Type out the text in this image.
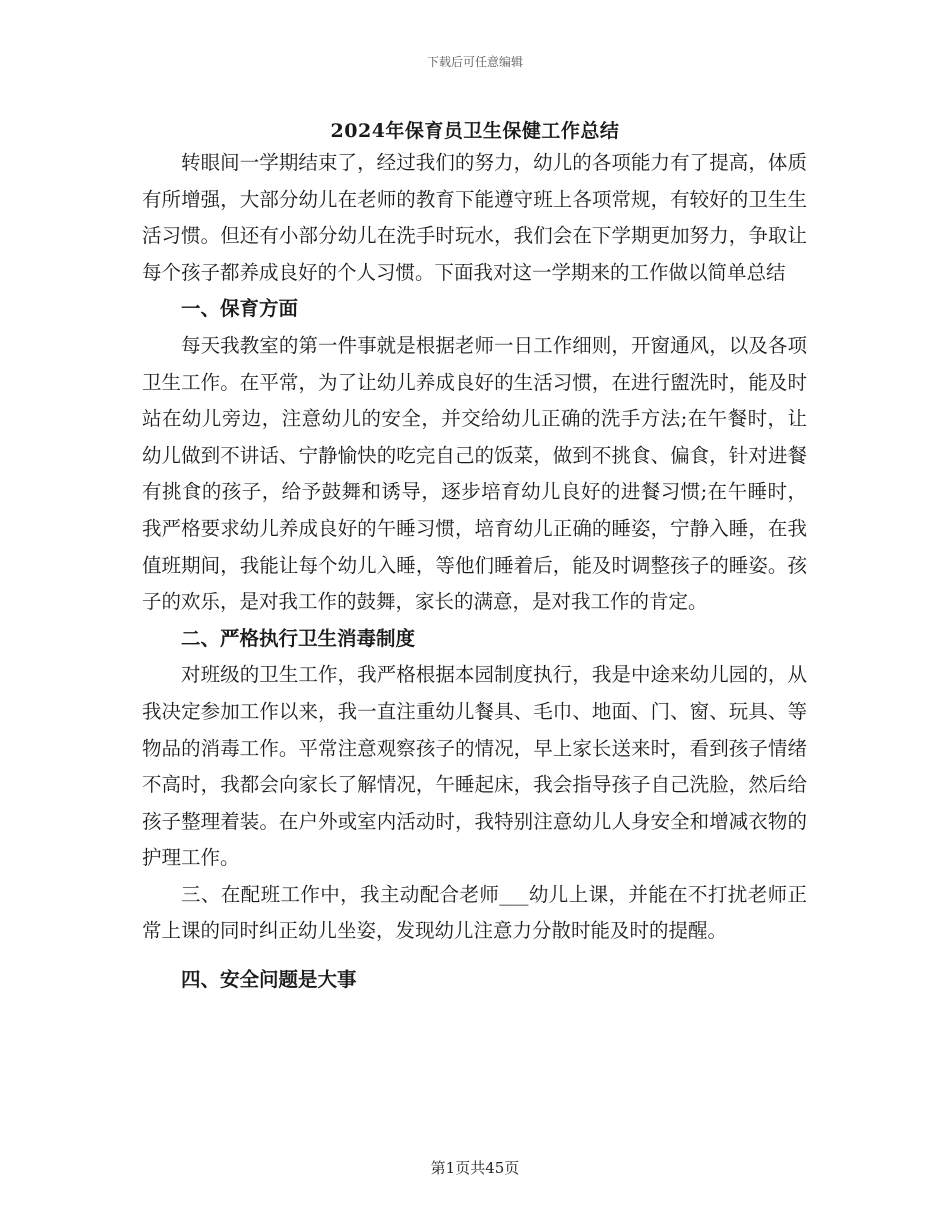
下载后可任意编辑
2024年保育员卫生保健工作总结

转眼间一学期结束了，经过我们的努力，幼儿的各项能力有了提高，体质有所增强，大部分幼儿在老师的教育下能遵守班上各项常规，有较好的卫生生活习惯。但还有小部分幼儿在洗手时玩水，我们会在下学期更加努力，争取让每个孩子都养成良好的个人习惯。下面我对这一学期来的工作做以简单总结

一、保育方面

每天我教室的第一件事就是根据老师一日工作细则，开窗通风，以及各项卫生工作。在平常，为了让幼儿养成良好的生活习惯，在进行盥洗时，能及时站在幼儿旁边，注意幼儿的安全，并交给幼儿正确的洗手方法;在午餐时，让幼儿做到不讲话、宁静愉快的吃完自己的饭菜，做到不挑食、偏食，针对进餐有挑食的孩子，给予鼓舞和诱导，逐步培育幼儿良好的进餐习惯;在午睡时，我严格要求幼儿养成良好的午睡习惯，培育幼儿正确的睡姿，宁静入睡，在我值班期间，我能让每个幼儿入睡，等他们睡着后，能及时调整孩子的睡姿。孩子的欢乐，是对我工作的鼓舞，家长的满意，是对我工作的肯定。

二、严格执行卫生消毒制度

对班级的卫生工作，我严格根据本园制度执行，我是中途来幼儿园的，从我决定参加工作以来，我一直注重幼儿餐具、毛巾、地面、门、窗、玩具、等物品的消毒工作。平常注意观察孩子的情况，早上家长送来时，看到孩子情绪不高时，我都会向家长了解情况，午睡起床，我会指导孩子自己洗脸，然后给孩子整理着装。在户外或室内活动时，我特别注意幼儿人身安全和增减衣物的护理工作。

三、在配班工作中，我主动配合老师___幼儿上课，并能在不打扰老师正常上课的同时纠正幼儿坐姿，发现幼儿注意力分散时能及时的提醒。

四、安全问题是大事
第1页共45页
